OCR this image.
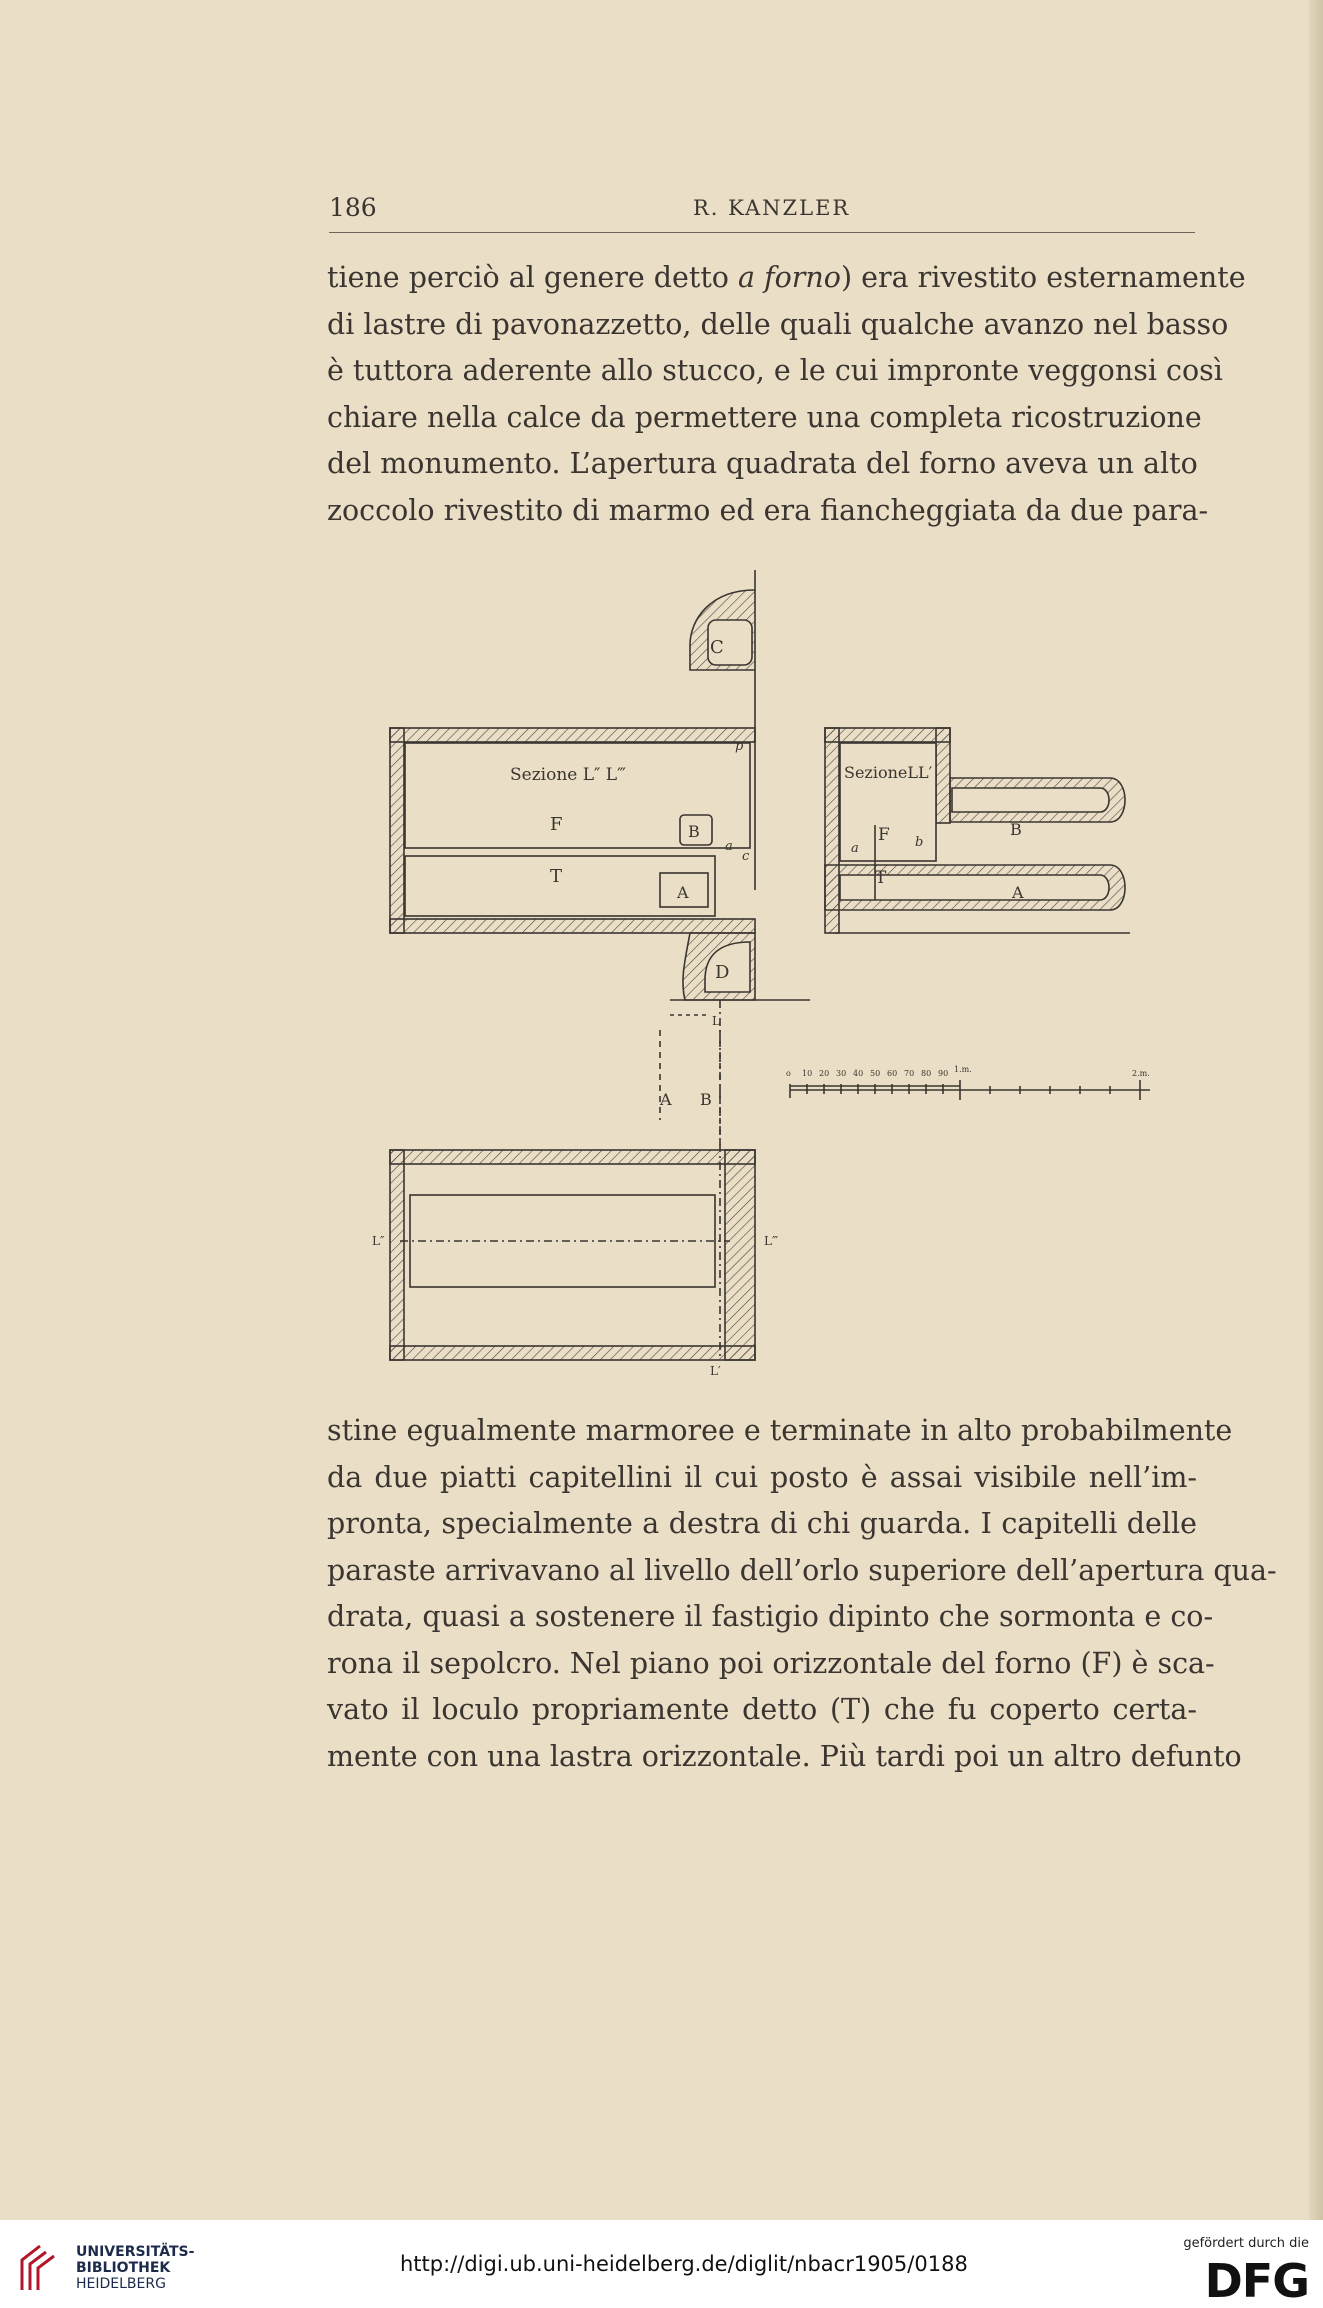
186	R. KANZLER
tiene perciò al genere detto a forno) era rivestito esternamente
di lastre di pavonazzetto, delle quali qualche avanzo nel basso
è tuttora aderente allo stucco, e le cui impronte veggonsi così
chiare nella calce da permettere una completa ricostruzione
del monumento. L’apertura quadrata del forno aveva un alto
zoccolo rivestito di marmo ed era fiancheggiata da due para-
Sezione L″ L‴
C
F	B
a
c
p
T
A
D
SezioneLL′
F
a	b
B
T
A
L
A B
L″	L‴
L′
o 10 20 30 40 50 60 70 80 90 1.m.	2.m.
stine egualmente marmoree e terminate in alto probabilmente
da due piatti capitellini il cui posto è assai visibile nell’im-
pronta, specialmente a destra di chi guarda. I capitelli delle
paraste arrivavano al livello dell’orlo superiore dell’apertura qua-
drata, quasi a sostenere il fastigio dipinto che sormonta e co-
rona il sepolcro. Nel piano poi orizzontale del forno (F) è sca-
vato il loculo propriamente detto (T) che fu coperto certa-
mente con una lastra orizzontale. Più tardi poi un altro defunto
UNIVERSITÄTS-
BIBLIOTHEK
HEIDELBERG
http://digi.ub.uni-heidelberg.de/diglit/nbacr1905/0188
gefördert durch die
DFG
